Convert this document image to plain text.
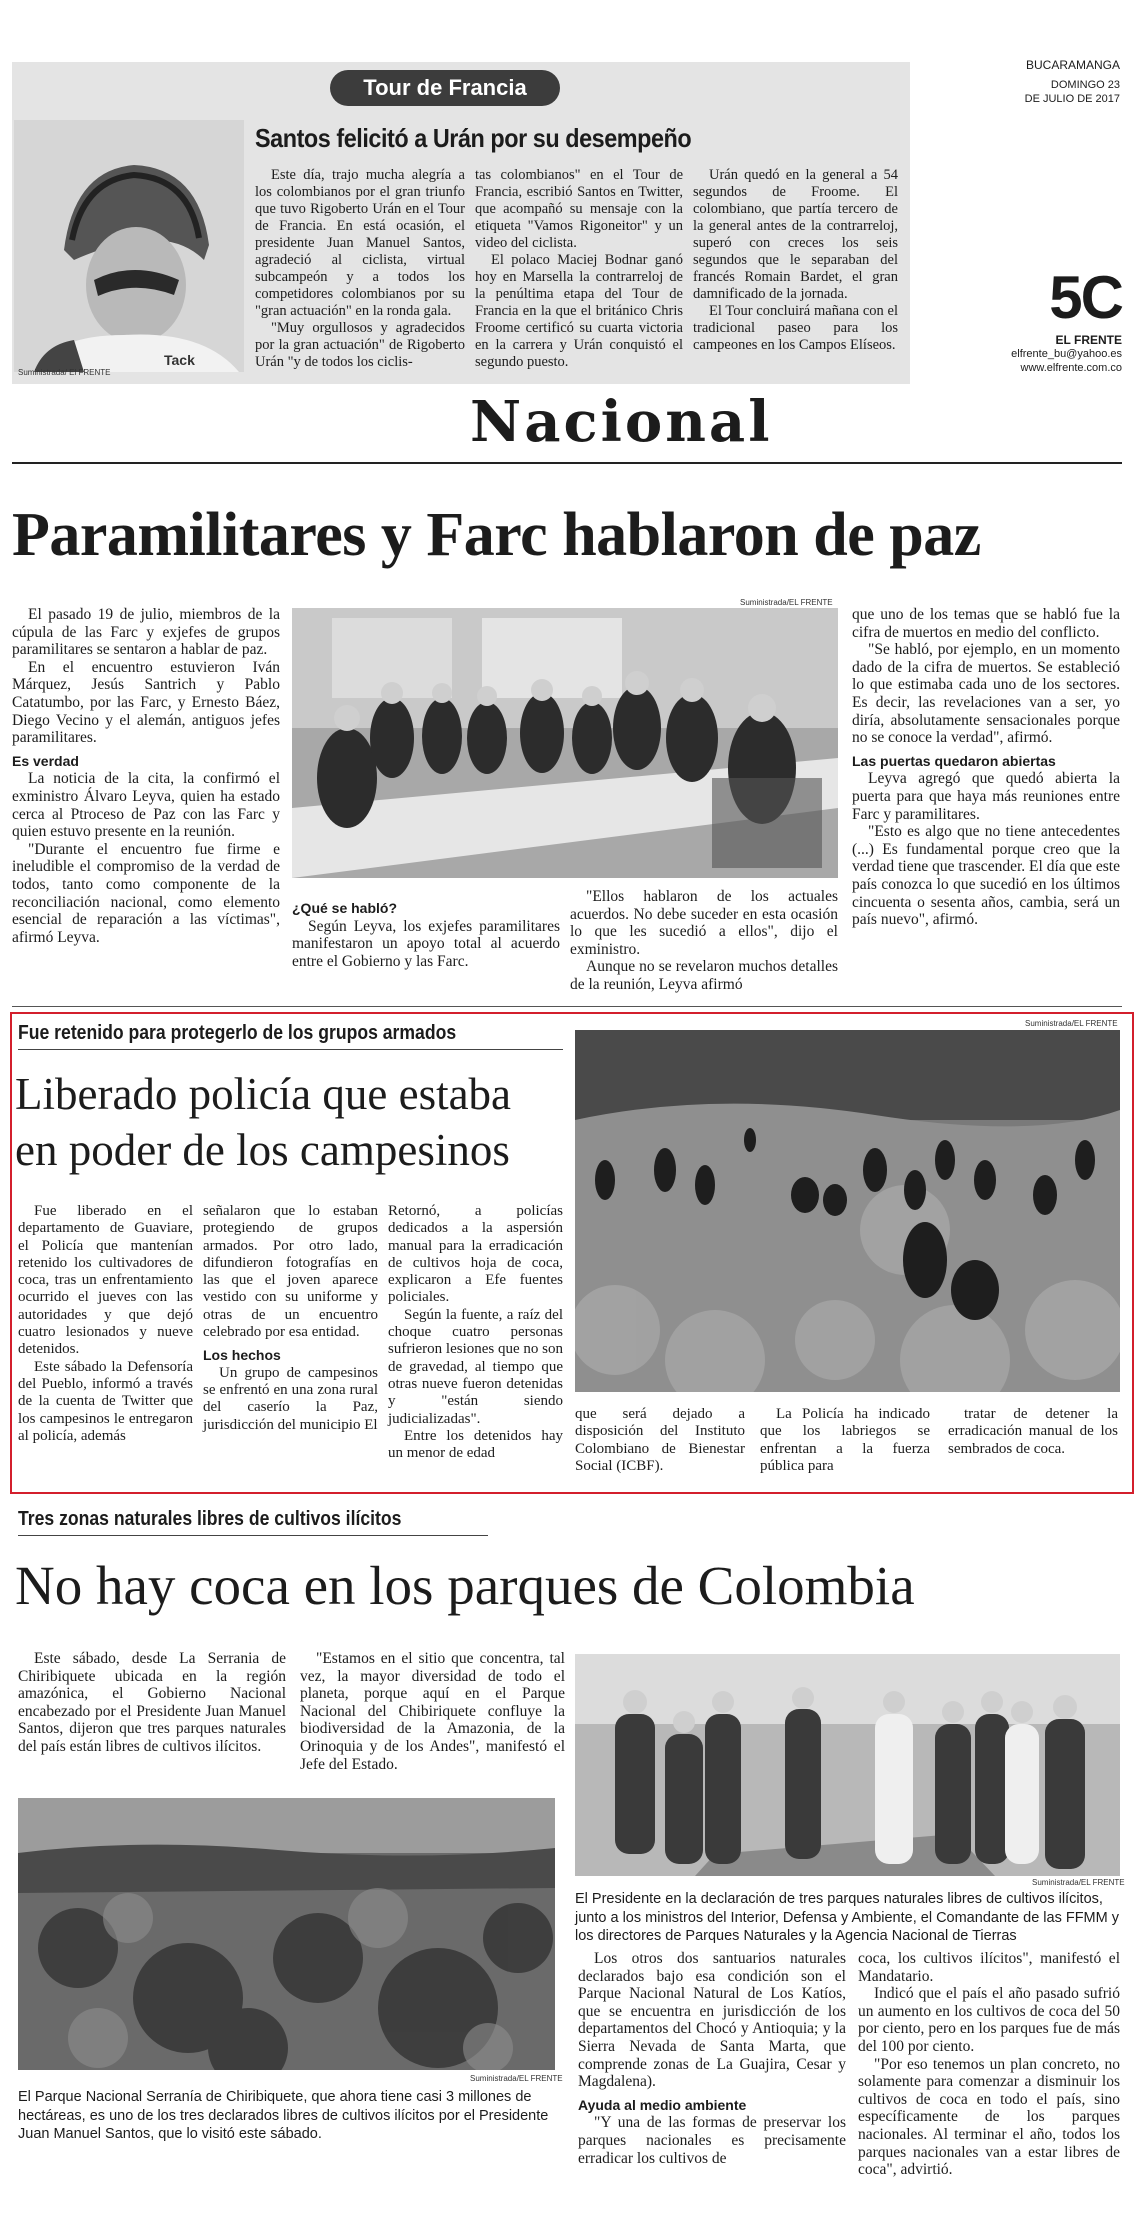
Tack
Suministrada/ El FRENTE
Tour de Francia
Santos felicitó a Urán por su desempeño

Este día, trajo mucha alegría a los colombianos por el gran triunfo que tuvo Rigoberto Urán en el Tour de Francia. En está ocasión, el presidente Juan Manuel Santos, agradeció al ciclista, virtual subcampeón y a todos los competidores colombianos por su "gran actuación" en la ronda gala.

"Muy orgullosos y agradecidos por la gran actuación" de Rigoberto Urán "y de todos los ciclis-

tas colombianos" en el Tour de Francia, escribió Santos en Twitter, que acompañó su mensaje con la etiqueta "Vamos Rigoneitor" y un video del ciclista.

El polaco Maciej Bodnar ganó hoy en Marsella la contrarreloj de la penúltima etapa del Tour de Francia en la que el británico Chris Froome certificó su cuarta victoria en la carrera y Urán conquistó el segundo puesto.

Urán quedó en la general a 54 segundos de Froome. El colombiano, que partía tercero de la general antes de la contrarreloj, superó con creces los seis segundos que le separaban del francés Romain Bardet, el gran damnificado de la jornada.

El Tour concluirá mañana con el tradicional paseo para los campeones en los Campos Elíseos.

BUCARAMANGA
DOMINGO 23
DE JULIO DE 2017
5C
EL FRENTE
elfrente_bu@yahoo.es
www.elfrente.com.co
Nacional
Paramilitares y Farc hablaron de paz

El pasado 19 de julio, miembros de la cúpula de las Farc y exjefes de grupos paramilitares se sentaron a hablar de paz.

En el encuentro estuvieron Iván Márquez, Jesús Santrich y Pablo Catatumbo, por las Farc, y Ernesto Báez, Diego Vecino y el alemán, antiguos jefes paramilitares.

Es verdad

La noticia de la cita, la confirmó el exministro Álvaro Leyva, quien ha estado cerca al Ptroceso de Paz con las Farc y quien estuvo presente en la reunión.

"Durante el encuentro fue firme e ineludible el compromiso de la verdad de todos, tanto como componente de la reconciliación nacional, como elemento esencial de reparación a las víctimas", afirmó Leyva.

Suministrada/EL FRENTE

¿Qué se habló?

Según Leyva, los exjefes paramilitares manifestaron un apoyo total al acuerdo entre el Gobierno y las Farc.

"Ellos hablaron de los actuales acuerdos. No debe suceder en esta ocasión lo que les sucedió a ellos", dijo el exministro.

Aunque no se revelaron muchos detalles de la reunión, Leyva afirmó

que uno de los temas que se habló fue la cifra de muertos en medio del conflicto.

"Se habló, por ejemplo, en un momento dado de la cifra de muertos. Se estableció lo que estimaba cada uno de los sectores. Es decir, las revelaciones van a ser, yo diría, absolutamente sensacionales porque no se conoce la verdad", afirmó.

Las puertas quedaron abiertas

Leyva agregó que quedó abierta la puerta para que haya más reuniones entre Farc y paramilitares.

"Esto es algo que no tiene antecedentes (...) Es fundamental porque creo que la verdad tiene que trascender. El día que este país conozca lo que sucedió en los últimos cincuenta o sesenta años, cambia, será un país nuevo", afirmó.

Fue retenido para protegerlo de los grupos armados
Liberado policía que estaba
en poder de los campesinos
Suministrada/EL FRENTE

Fue liberado en el departamento de Guaviare, el Policía que mantenían retenido los cultivadores de coca, tras un enfrentamiento ocurrido el jueves con las autoridades y que dejó cuatro lesionados y nueve detenidos.

Este sábado la Defensoría del Pueblo, informó a través de la cuenta de Twitter que los campesinos le entregaron al policía, además

señalaron que lo estaban protegiendo de grupos armados. Por otro lado, difundieron fotografías en las que el joven aparece vestido con su uniforme y otras de un encuentro celebrado por esa entidad.

Los hechos

Un grupo de campesinos se enfrentó en una zona rural del caserío la Paz, jurisdicción del municipio El

Retornó, a policías dedicados a la aspersión manual para la erradicación de cultivos hoja de coca, explicaron a Efe fuentes policiales.

Según la fuente, a raíz del choque cuatro personas sufrieron lesiones que no son de gravedad, al tiempo que otras nueve fueron detenidas y "están siendo judicializadas".

Entre los detenidos hay un menor de edad

que será dejado a disposición del Instituto Colombiano de Bienestar Social (ICBF).

La Policía ha indicado que los labriegos se enfrentan a la fuerza pública para

tratar de detener la erradicación manual de los sembrados de coca.

Tres zonas naturales libres de cultivos ilícitos
No hay coca en los parques de Colombia

Este sábado, desde La Serrania de Chiribiquete ubicada en la región amazónica, el Gobierno Nacional encabezado por el Presidente Juan Manuel Santos, dijeron que tres parques naturales del país están libres de cultivos ilícitos.

"Estamos en el sitio que concentra, tal vez, la mayor diversidad de todo el planeta, porque aquí en el Parque Nacional del Chibiriquete confluye la biodiversidad de la Amazonia, de la Orinoquia y de los Andes", manifestó el Jefe del Estado.

Suministrada/EL FRENTE
El Presidente en la declaración de tres parques naturales libres de cultivos ilícitos, junto a los ministros del Interior, Defensa y Ambiente, el Comandante de las FFMM y los directores de Parques Naturales y la Agencia Nacional de Tierras
Suministrada/EL FRENTE
El Parque Nacional Serranía de Chiribiquete, que ahora tiene casi 3 millones de hectáreas, es uno de los tres declarados libres de cultivos ilícitos por el Presidente Juan Manuel Santos, que lo visitó este sábado.

Los otros dos santuarios naturales declarados bajo esa condición son el Parque Nacional Natural de Los Katíos, que se encuentra en jurisdicción de los departamentos del Chocó y Antioquia; y la Sierra Nevada de Santa Marta, que comprende zonas de La Guajira, Cesar y Magdalena).

Ayuda al medio ambiente

"Y una de las formas de preservar los parques nacionales es precisamente erradicar los cultivos de

coca, los cultivos ilícitos", manifestó el Mandatario.

Indicó que el país el año pasado sufrió un aumento en los cultivos de coca del 50 por ciento, pero en los parques fue de más del 100 por ciento.

"Por eso tenemos un plan concreto, no solamente para comenzar a disminuir los cultivos de coca en todo el país, sino específicamente de los parques nacionales. Al terminar el año, todos los parques nacionales van a estar libres de coca", advirtió.
